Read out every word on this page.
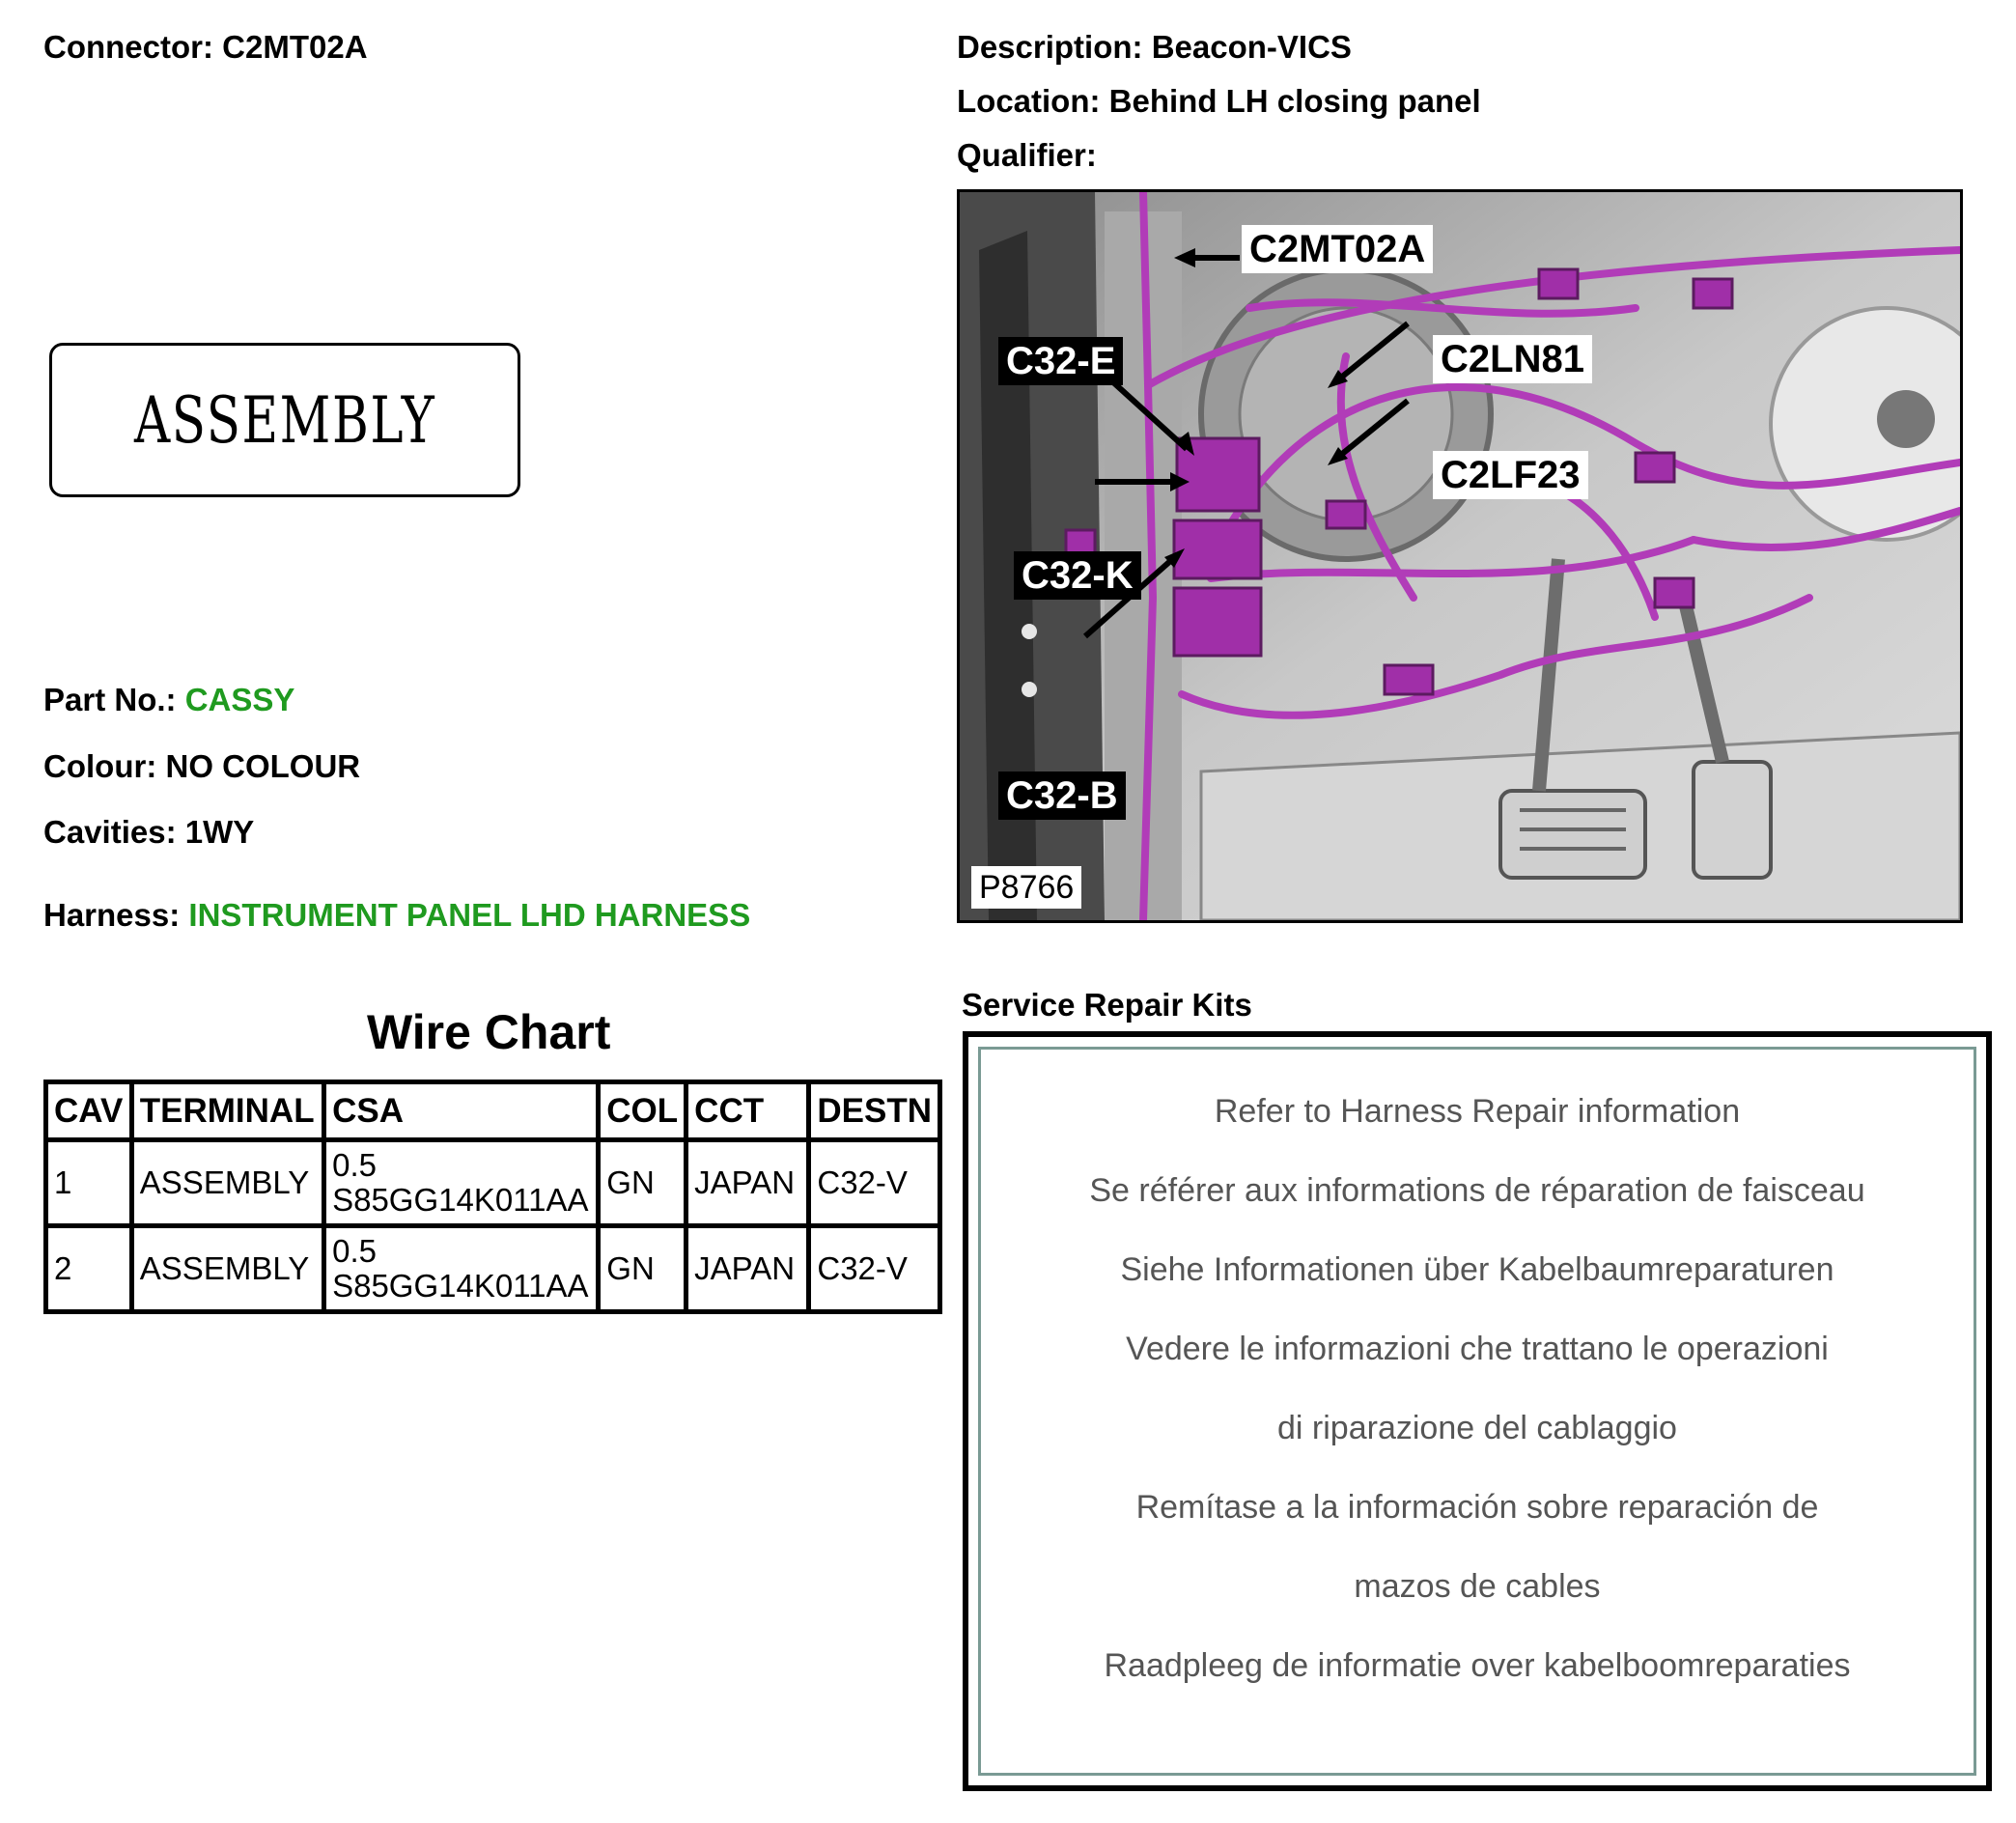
Connector: C2MT02A	Description: Beacon-VICS
Location: Behind LH closing panel
Qualifier:
ASSEMBLY
Part No.: CASSY
Colour: NO COLOUR
Cavities: 1WY
Harness: INSTRUMENT PANEL LHD HARNESS
Wire Chart
CAV	TERMINAL	CSA	COL	CCT	DESTN
1	ASSEMBLY	0.5
S85GG14K011AA	GN	JAPAN	C32-V
2	ASSEMBLY	0.5
S85GG14K011AA	GN	JAPAN	C32-V
C2MT02A
C32-E	C2LN81
C2LF23
C32-K
C32-B
P8766
Service Repair Kits
Refer to Harness Repair information
Se référer aux informations de réparation de faisceau
Siehe Informationen über Kabelbaumreparaturen
Vedere le informazioni che trattano le operazioni
di riparazione del cablaggio
Remítase a la información sobre reparación de
mazos de cables
Raadpleeg de informatie over kabelboomreparaties
